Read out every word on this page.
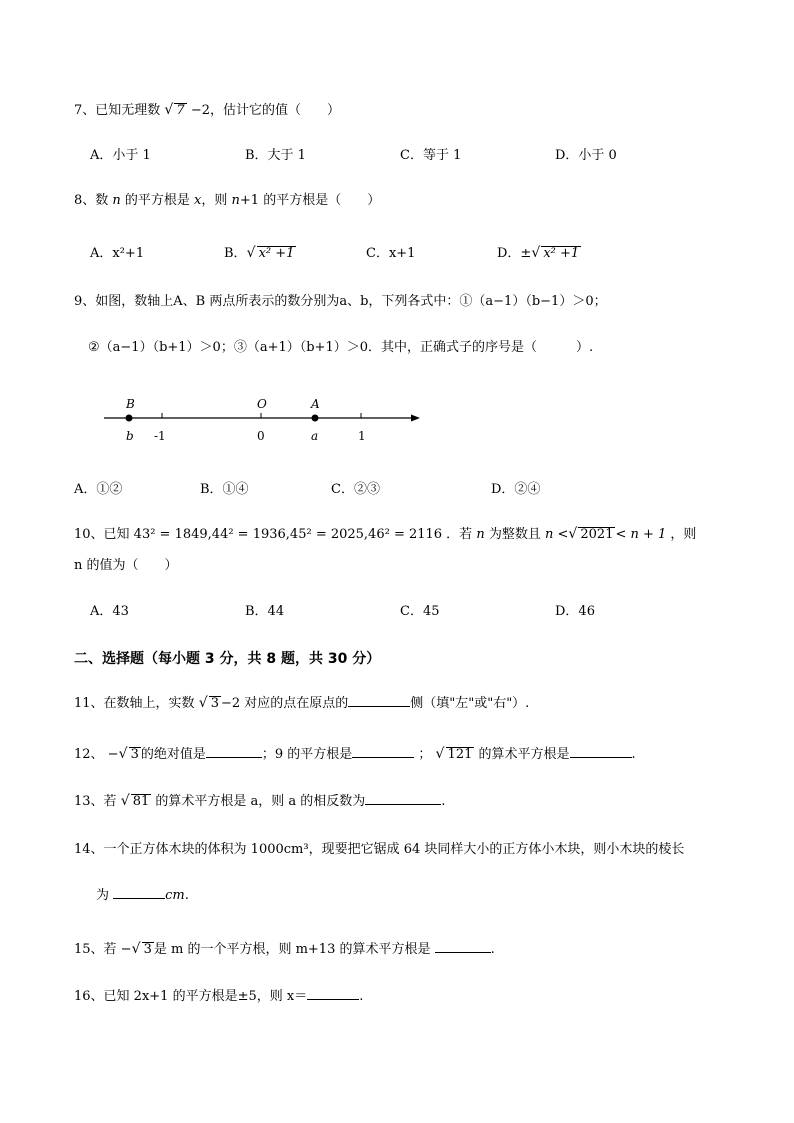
7、已知无理数 √ 7 −2，估计它的值（　　）
A．小于 1	B．大于 1	C．等于 1	D．小于 0
8、数 n 的平方根是 x，则 n+1 的平方根是（　　）
A．x²+1	B． √ x² +1	C．x+1	D．± √ x² +1
9、如图，数轴上A、B 两点所表示的数分别为a、b，下列各式中：①（a−1）（b−1）＞0；
②（a−1）（b+1）＞0；③（a+1）（b+1）＞0．其中，正确式子的序号是（　　　）.
B	O	A
b -1	0	a	1
A．①②	B．①④	C．②③	D．②④
10、已知 43² = 1849,44² = 1936,45² = 2025,46² = 2116 ．若 n 为整数且 n < √ 2021 < n + 1 ，则
n 的值为（　　）
A．43	B．44	C．45	D．46
二、选择题（每小题 3 分，共 8 题，共 30 分）
11、在数轴上，实数 √ 3 −2 对应的点在原点的	侧（填"左"或"右"）.
12、 − √ 3 的绝对值是	；9 的平方根是	； √ 121 的算术平方根是	.
13、若 √ 81 的算术平方根是 a，则 a 的相反数为	.
14、一个正方体木块的体积为 1000cm³，现要把它锯成 64 块同样大小的正方体小木块，则小木块的棱长
为	cm.
15、若 − √ 3 是 m 的一个平方根，则 m+13 的算术平方根是	.
16、已知 2x+1 的平方根是±5，则 x＝	.
